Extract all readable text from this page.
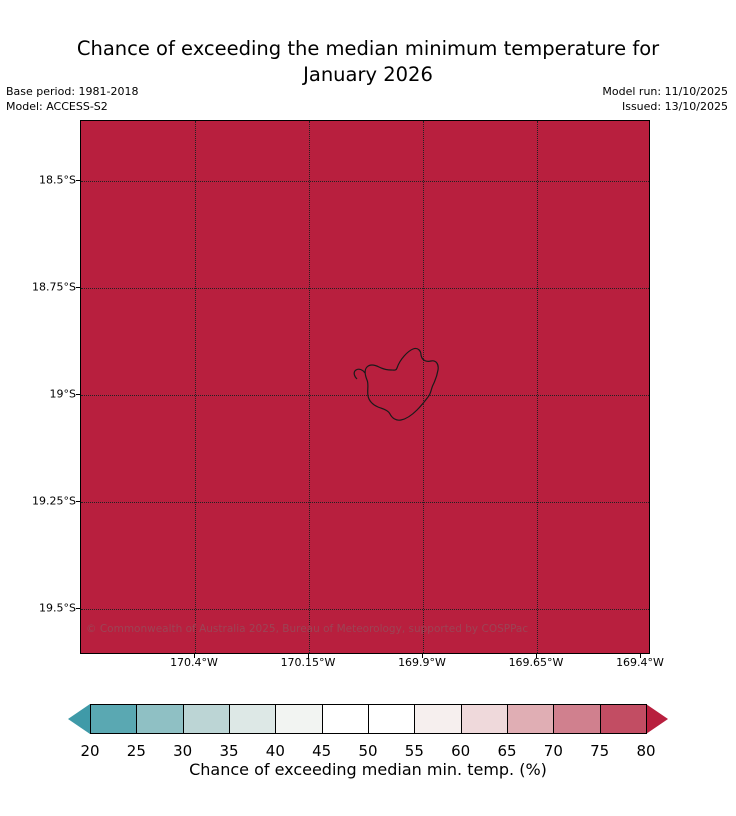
Chance of exceeding the median minimum temperature for
January 2026
Base period: 1981-2018
Model: ACCESS-S2
Model run: 11/10/2025
Issued: 13/10/2025
© Commonwealth of Australia 2025, Bureau of Meteorology, supported by COSPPac
18.5°S
18.75°S
19°S
19.25°S
19.5°S
170.4°W	170.15°W	169.9°W	169.65°W	169.4°W
20 25 30 35 40 45 50 55 60 65 70 75 80
Chance of exceeding median min. temp. (%)
